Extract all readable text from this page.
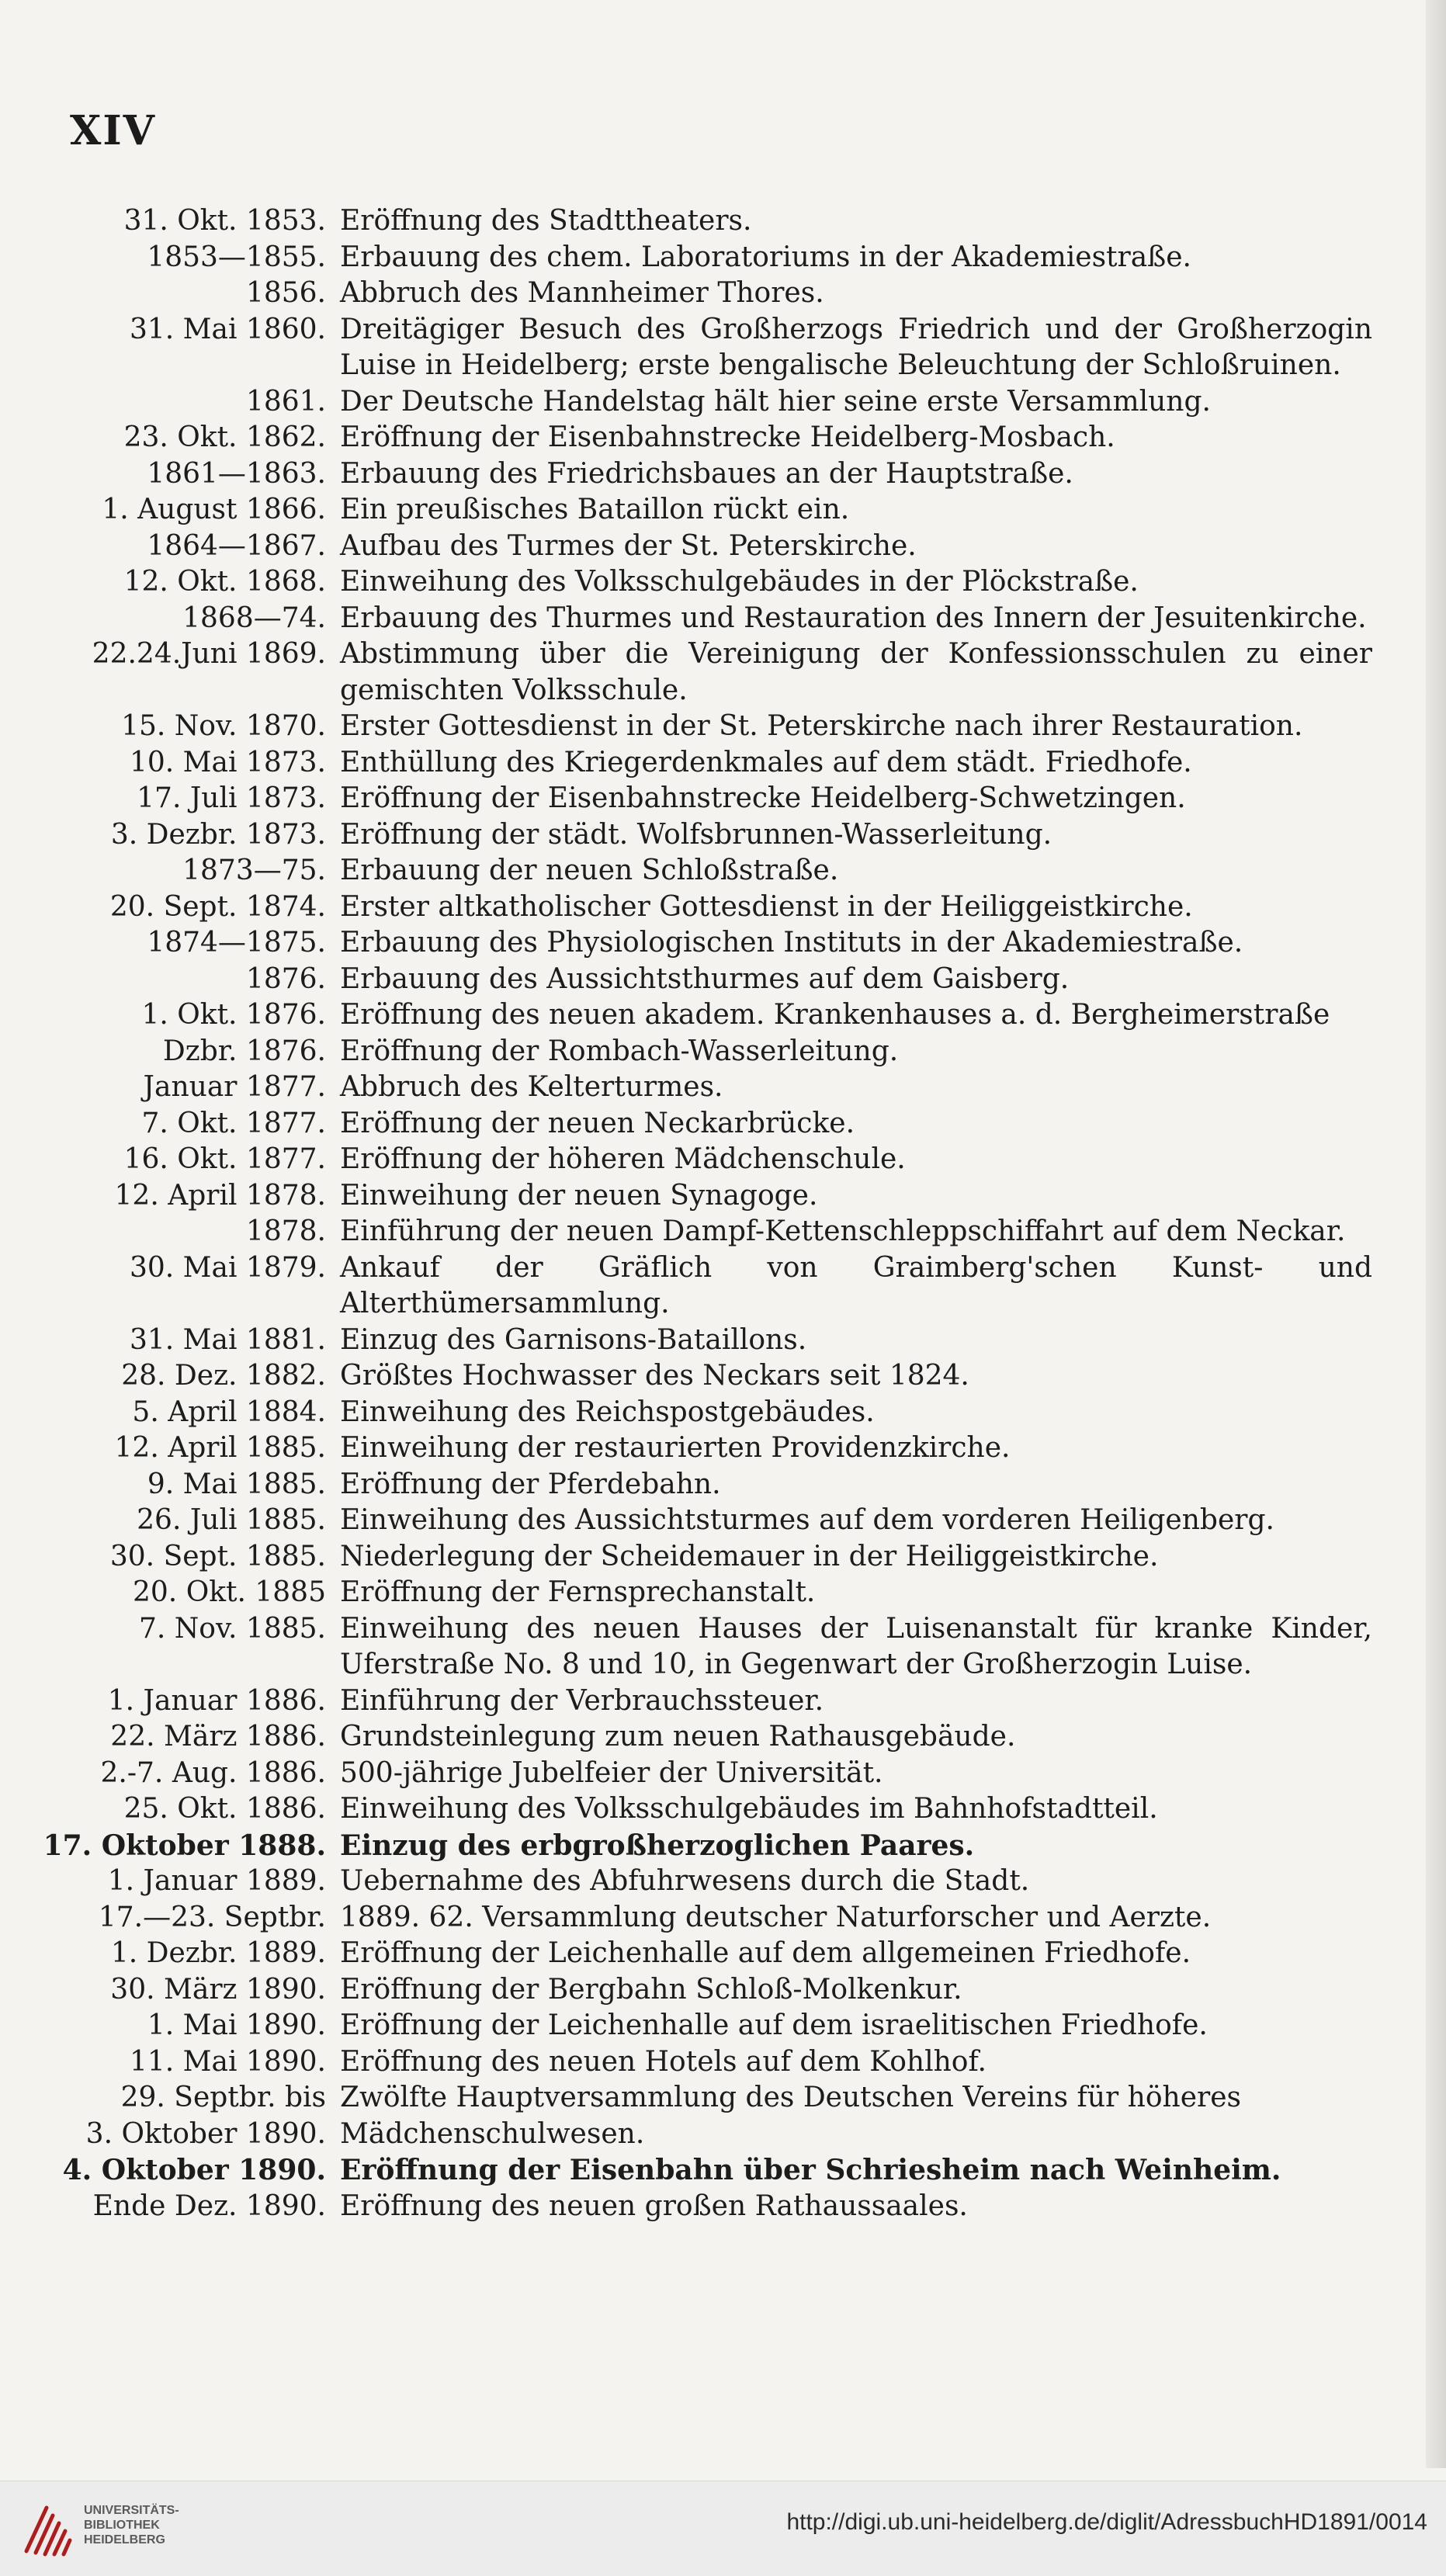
XIV
31. Okt. 1853. Eröffnung des Stadttheaters.
1853—1855. Erbauung des chem. Laboratoriums in der Akademiestraße.
1856. Abbruch des Mannheimer Thores.
31. Mai 1860. Dreitägiger Besuch des Großherzogs Friedrich und der Großherzogin Luise in Heidelberg; erste bengalische Beleuchtung der Schloßruinen.
1861. Der Deutsche Handelstag hält hier seine erste Versammlung.
23. Okt. 1862. Eröffnung der Eisenbahnstrecke Heidelberg-Mosbach.
1861—1863. Erbauung des Friedrichsbaues an der Hauptstraße.
1. August 1866. Ein preußisches Bataillon rückt ein.
1864—1867. Aufbau des Turmes der St. Peterskirche.
12. Okt. 1868. Einweihung des Volksschulgebäudes in der Plöckstraße.
1868—74. Erbauung des Thurmes und Restauration des Innern der Jesuitenkirche.
22.24.Juni 1869. Abstimmung über die Vereinigung der Konfessionsschulen zu einer gemischten Volksschule.
15. Nov. 1870. Erster Gottesdienst in der St. Peterskirche nach ihrer Restauration.
10. Mai 1873. Enthüllung des Kriegerdenkmales auf dem städt. Friedhofe.
17. Juli 1873. Eröffnung der Eisenbahnstrecke Heidelberg-Schwetzingen.
3. Dezbr. 1873. Eröffnung der städt. Wolfsbrunnen-Wasserleitung.
1873—75. Erbauung der neuen Schloßstraße.
20. Sept. 1874. Erster altkatholischer Gottesdienst in der Heiliggeistkirche.
1874—1875. Erbauung des Physiologischen Instituts in der Akademiestraße.
1876. Erbauung des Aussichtsthurmes auf dem Gaisberg.
1. Okt. 1876. Eröffnung des neuen akadem. Krankenhauses a. d. Bergheimerstraße
Dzbr. 1876. Eröffnung der Rombach-Wasserleitung.
Januar 1877. Abbruch des Kelterturmes.
7. Okt. 1877. Eröffnung der neuen Neckarbrücke.
16. Okt. 1877. Eröffnung der höheren Mädchenschule.
12. April 1878. Einweihung der neuen Synagoge.
1878. Einführung der neuen Dampf-Kettenschleppschiffahrt auf dem Neckar.
30. Mai 1879. Ankauf der Gräflich von Graimberg'schen Kunst- und Alterthümersammlung.
31. Mai 1881. Einzug des Garnisons-Bataillons.
28. Dez. 1882. Größtes Hochwasser des Neckars seit 1824.
5. April 1884. Einweihung des Reichspostgebäudes.
12. April 1885. Einweihung der restaurierten Providenzkirche.
9. Mai 1885. Eröffnung der Pferdebahn.
26. Juli 1885. Einweihung des Aussichtsturmes auf dem vorderen Heiligenberg.
30. Sept. 1885. Niederlegung der Scheidemauer in der Heiliggeistkirche.
20. Okt. 1885 Eröffnung der Fernsprechanstalt.
7. Nov. 1885. Einweihung des neuen Hauses der Luisenanstalt für kranke Kinder, Uferstraße No. 8 und 10, in Gegenwart der Großherzogin Luise.
1. Januar 1886. Einführung der Verbrauchssteuer.
22. März 1886. Grundsteinlegung zum neuen Rathausgebäude.
2.-7. Aug. 1886. 500-jährige Jubelfeier der Universität.
25. Okt. 1886. Einweihung des Volksschulgebäudes im Bahnhofstadtteil.
17. Oktober 1888. Einzug des erbgroßherzoglichen Paares.
1. Januar 1889. Uebernahme des Abfuhrwesens durch die Stadt.
17.—23. Septbr. 1889. 62. Versammlung deutscher Naturforscher und Aerzte.
1. Dezbr. 1889. Eröffnung der Leichenhalle auf dem allgemeinen Friedhofe.
30. März 1890. Eröffnung der Bergbahn Schloß-Molkenkur.
1. Mai 1890. Eröffnung der Leichenhalle auf dem israelitischen Friedhofe.
11. Mai 1890. Eröffnung des neuen Hotels auf dem Kohlhof.
29. Septbr. bis Zwölfte Hauptversammlung des Deutschen Vereins für höheres
3. Oktober 1890. Mädchenschulwesen.
4. Oktober 1890. Eröffnung der Eisenbahn über Schriesheim nach Weinheim.
Ende Dez. 1890. Eröffnung des neuen großen Rathaussaales.
UNIVERSITÄTS-
BIBLIOTHEK
HEIDELBERG
http://digi.ub.uni-heidelberg.de/diglit/AdressbuchHD1891/0014
